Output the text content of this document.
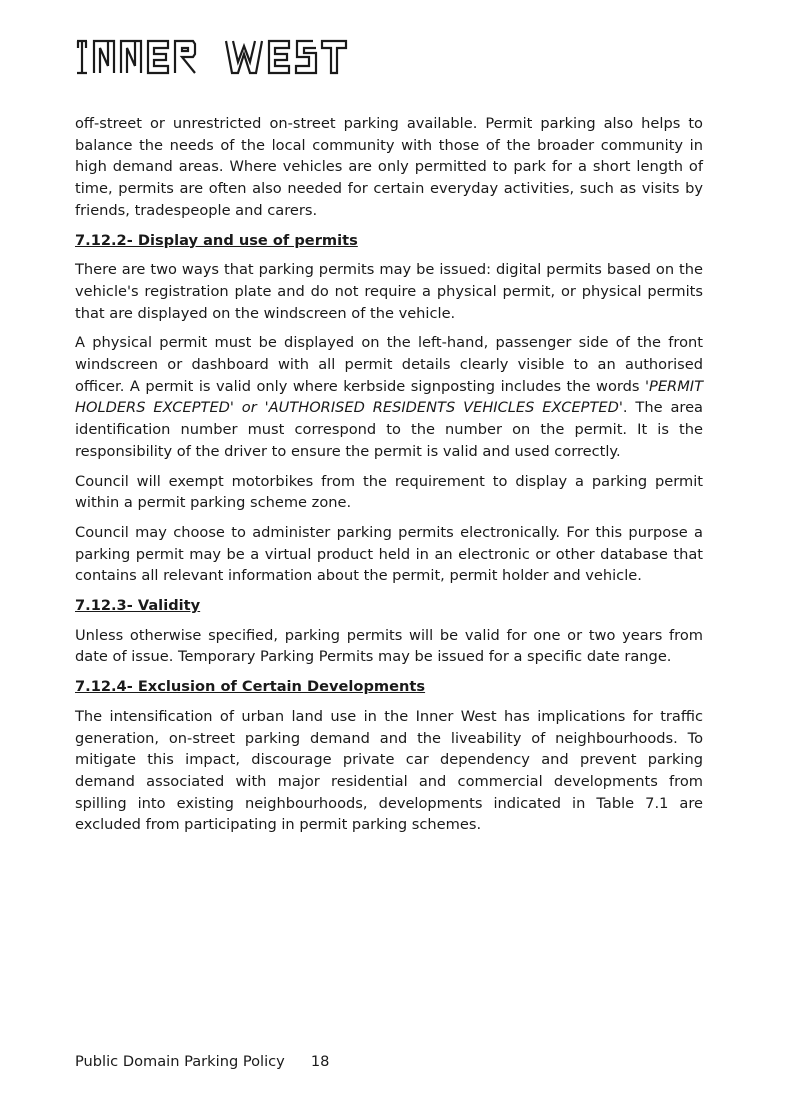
off-street or unrestricted on-street parking available. Permit parking also helps to balance the needs of the local community with those of the broader community in high demand areas. Where vehicles are only permitted to park for a short length of time, permits are often also needed for certain everyday activities, such as visits by friends, tradespeople and carers.

7.12.2- Display and use of permits

There are two ways that parking permits may be issued: digital permits based on the vehicle's registration plate and do not require a physical permit, or physical permits that are displayed on the windscreen of the vehicle.

A physical permit must be displayed on the left-hand, passenger side of the front windscreen or dashboard with all permit details clearly visible to an authorised officer. A permit is valid only where kerbside signposting includes the words 'PERMIT HOLDERS EXCEPTED' or 'AUTHORISED RESIDENTS VEHICLES EXCEPTED'. The area identification number must correspond to the number on the permit. It is the responsibility of the driver to ensure the permit is valid and used correctly.

Council will exempt motorbikes from the requirement to display a parking permit within a permit parking scheme zone.

Council may choose to administer parking permits electronically. For this purpose a parking permit may be a virtual product held in an electronic or other database that contains all relevant information about the permit, permit holder and vehicle.

7.12.3- Validity

Unless otherwise specified, parking permits will be valid for one or two years from date of issue. Temporary Parking Permits may be issued for a specific date range.

7.12.4- Exclusion of Certain Developments

The intensification of urban land use in the Inner West has implications for traffic generation, on-street parking demand and the liveability of neighbourhoods. To mitigate this impact, discourage private car dependency and prevent parking demand associated with major residential and commercial developments from spilling into existing neighbourhoods, developments indicated in Table 7.1 are excluded from participating in permit parking schemes.

Public Domain Parking Policy 18
